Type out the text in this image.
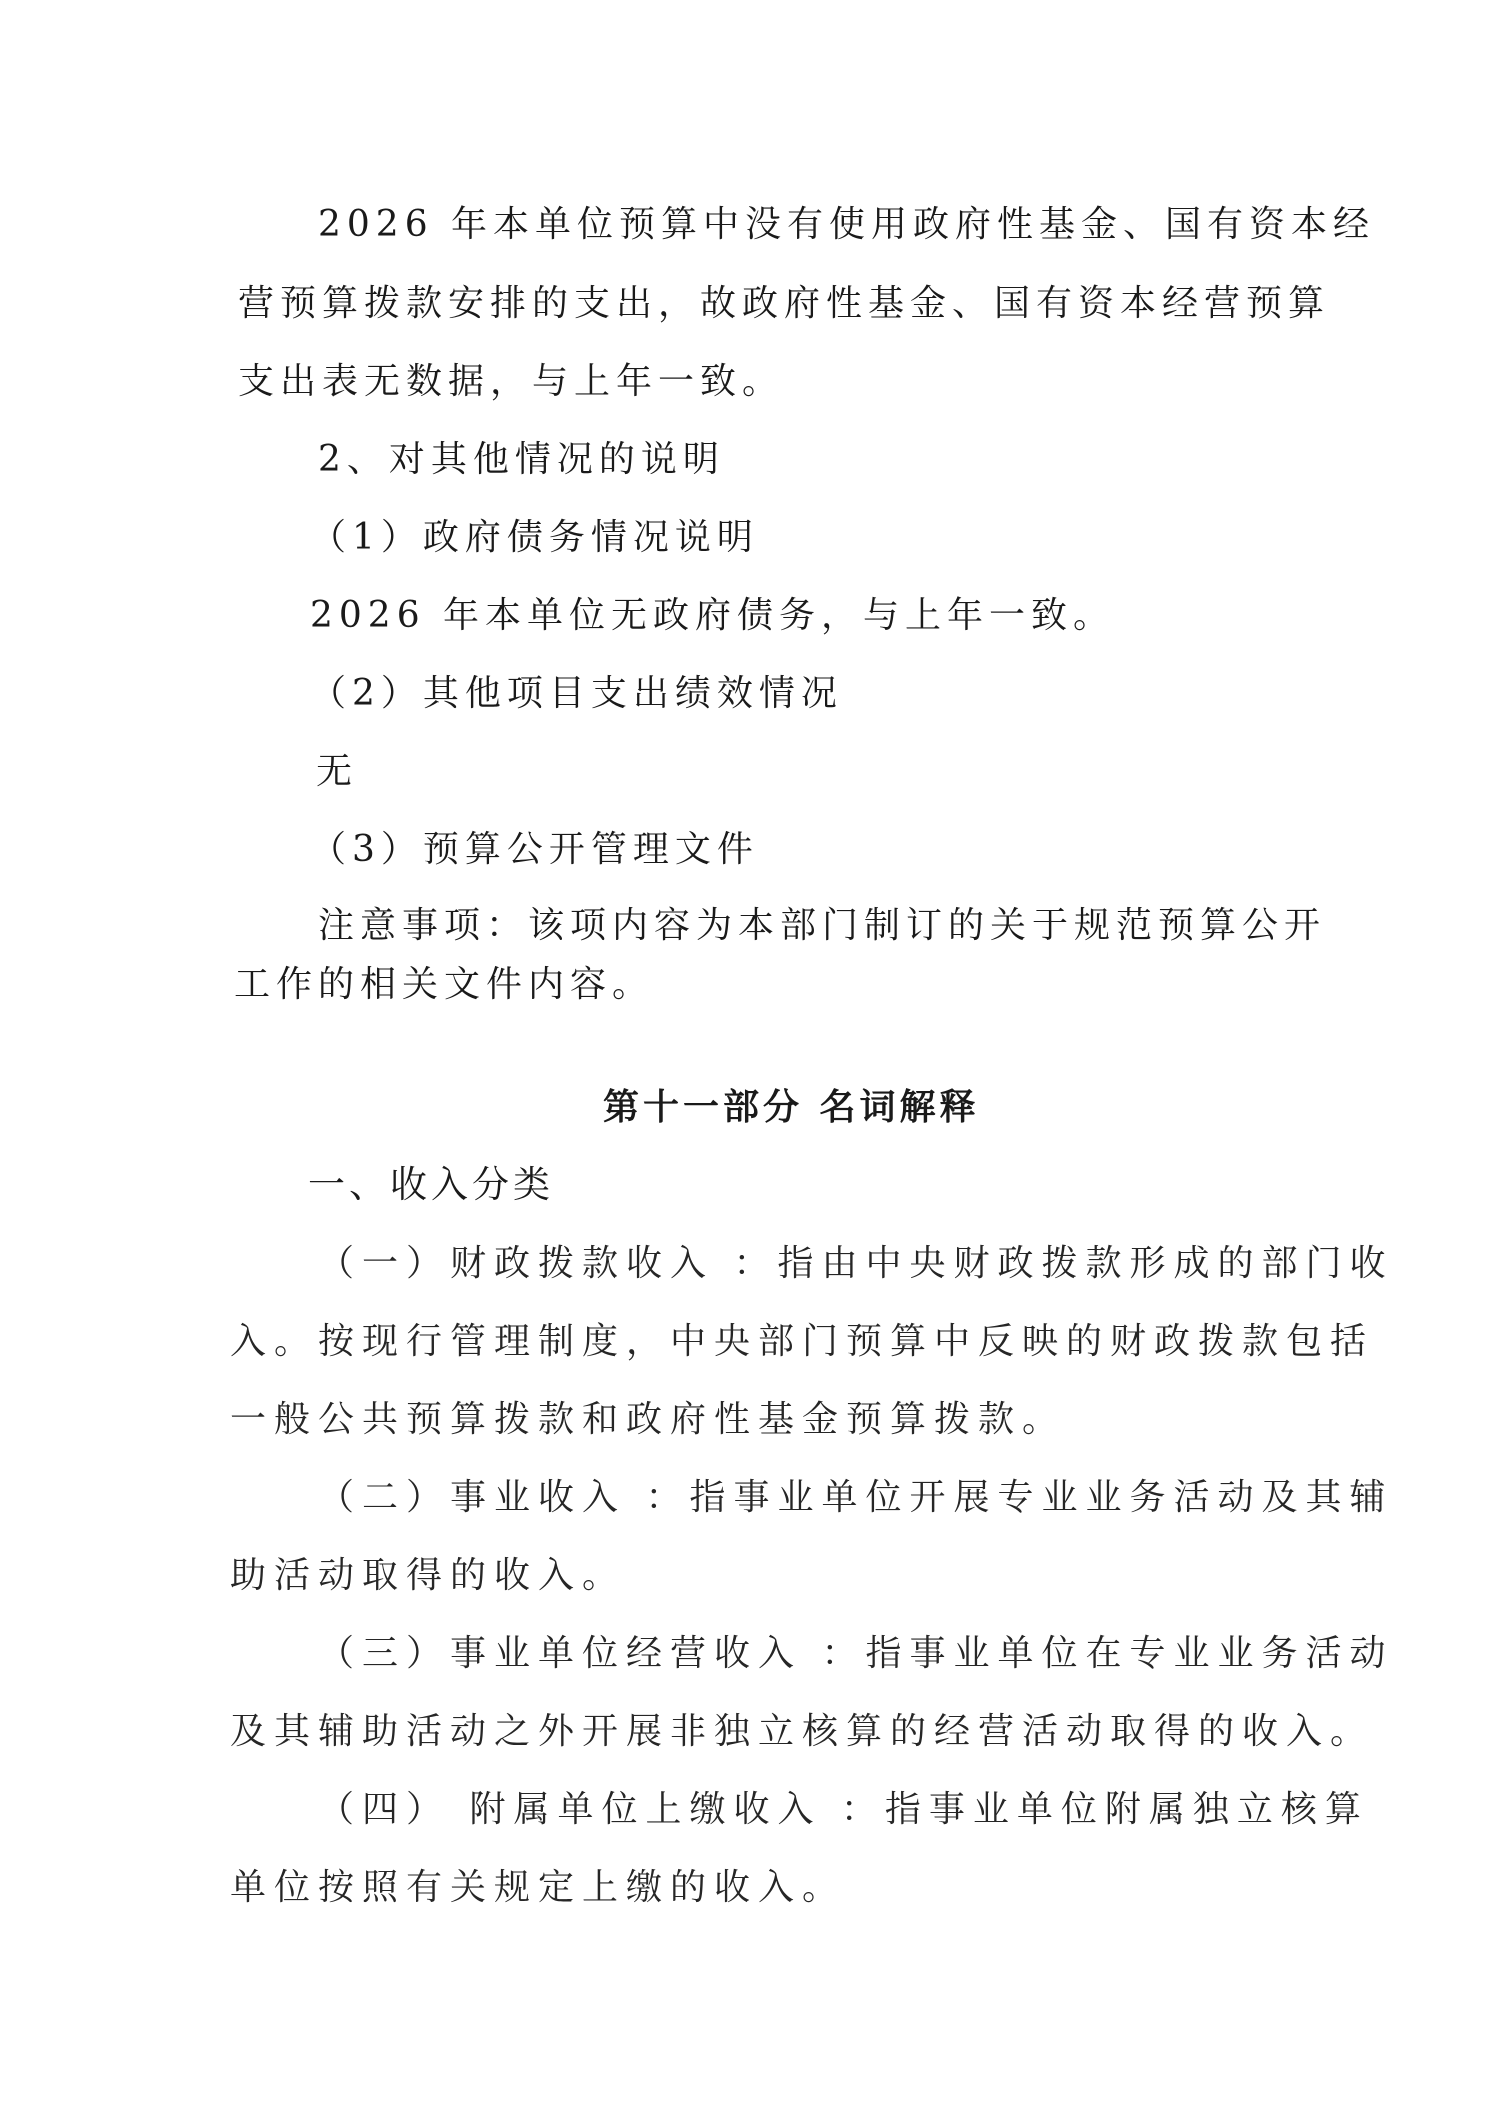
2026 年本单位预算中没有使用政府性基金、国有资本经
营预算拨款安排的支出，故政府性基金、国有资本经营预算
支出表无数据，与上年一致。
2、对其他情况的说明
（1）政府债务情况说明
2026 年本单位无政府债务，与上年一致。
（2）其他项目支出绩效情况
无
（3）预算公开管理文件
注意事项：该项内容为本部门制订的关于规范预算公开
工作的相关文件内容。
第十一部分 名词解释
一、收入分类
（一）财政拨款收入 ：指由中央财政拨款形成的部门收
入。按现行管理制度，中央部门预算中反映的财政拨款包括
一般公共预算拨款和政府性基金预算拨款。
（二）事业收入 ：指事业单位开展专业业务活动及其辅
助活动取得的收入。
（三）事业单位经营收入 ：指事业单位在专业业务活动
及其辅助活动之外开展非独立核算的经营活动取得的收入。
（四） 附属单位上缴收入 ：指事业单位附属独立核算
单位按照有关规定上缴的收入。
